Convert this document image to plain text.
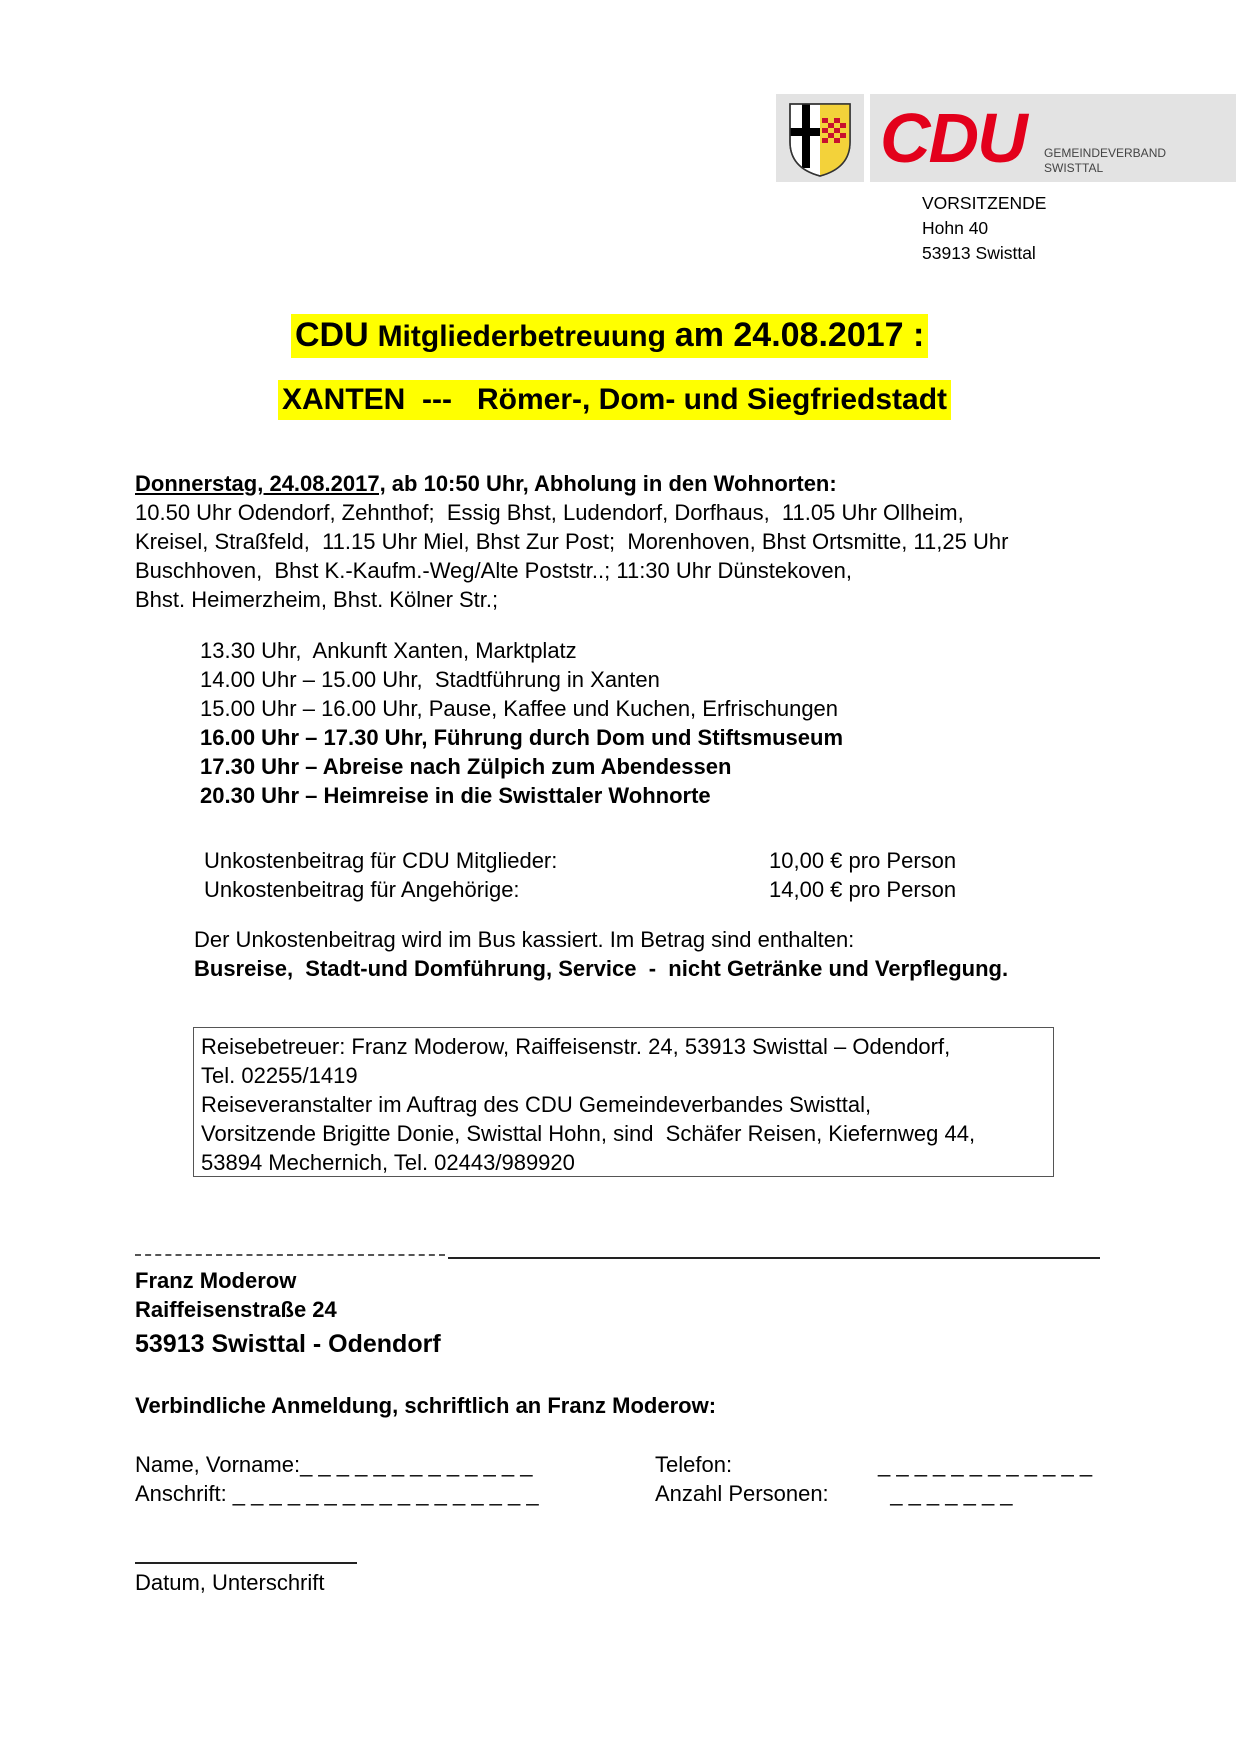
CDU GEMEINDEVERBAND
SWISTTAL
VORSITZENDE
Hohn 40
53913 Swisttal
CDU Mitgliederbetreuung am 24.08.2017 :
XANTEN  ---   Römer-, Dom- und Siegfriedstadt
Donnerstag, 24.08.2017, ab 10:50 Uhr, Abholung in den Wohnorten:
10.50 Uhr Odendorf, Zehnthof;  Essig Bhst, Ludendorf, Dorfhaus,  11.05 Uhr Ollheim,
Kreisel, Straßfeld,  11.15 Uhr Miel, Bhst Zur Post;  Morenhoven, Bhst Ortsmitte, 11,25 Uhr
Buschhoven,  Bhst K.-Kaufm.-Weg/Alte Poststr..; 11:30 Uhr Dünstekoven,
Bhst. Heimerzheim, Bhst. Kölner Str.;
13.30 Uhr,  Ankunft Xanten, Marktplatz
14.00 Uhr – 15.00 Uhr,  Stadtführung in Xanten
15.00 Uhr – 16.00 Uhr, Pause, Kaffee und Kuchen, Erfrischungen
16.00 Uhr – 17.30 Uhr, Führung durch Dom und Stiftsmuseum
17.30 Uhr – Abreise nach Zülpich zum Abendessen
20.30 Uhr – Heimreise in die Swisttaler Wohnorte
Unkostenbeitrag für CDU Mitglieder:	10,00 € pro Person
Unkostenbeitrag für Angehörige:	14,00 € pro Person
Der Unkostenbeitrag wird im Bus kassiert. Im Betrag sind enthalten:
Busreise,  Stadt-und Domführung, Service  -  nicht Getränke und Verpflegung.
Reisebetreuer: Franz Moderow, Raiffeisenstr. 24, 53913 Swisttal – Odendorf,
Tel. 02255/1419
Reiseveranstalter im Auftrag des CDU Gemeindeverbandes Swisttal,
Vorsitzende Brigitte Donie, Swisttal Hohn, sind  Schäfer Reisen, Kiefernweg 44,
53894 Mechernich, Tel. 02443/989920
Franz Moderow
Raiffeisenstraße 24
53913 Swisttal - Odendorf
Verbindliche Anmeldung, schriftlich an Franz Moderow:
Name, Vorname:_ _ _ _ _ _ _ _ _ _ _ _ _
Anschrift: _ _ _ _ _ _ _ _ _ _ _ _ _ _ _ _ _
Telefon:
Anzahl Personen:
_ _ _ _ _ _ _ _ _ _ _ _
_ _ _ _ _ _ _
Datum, Unterschrift
